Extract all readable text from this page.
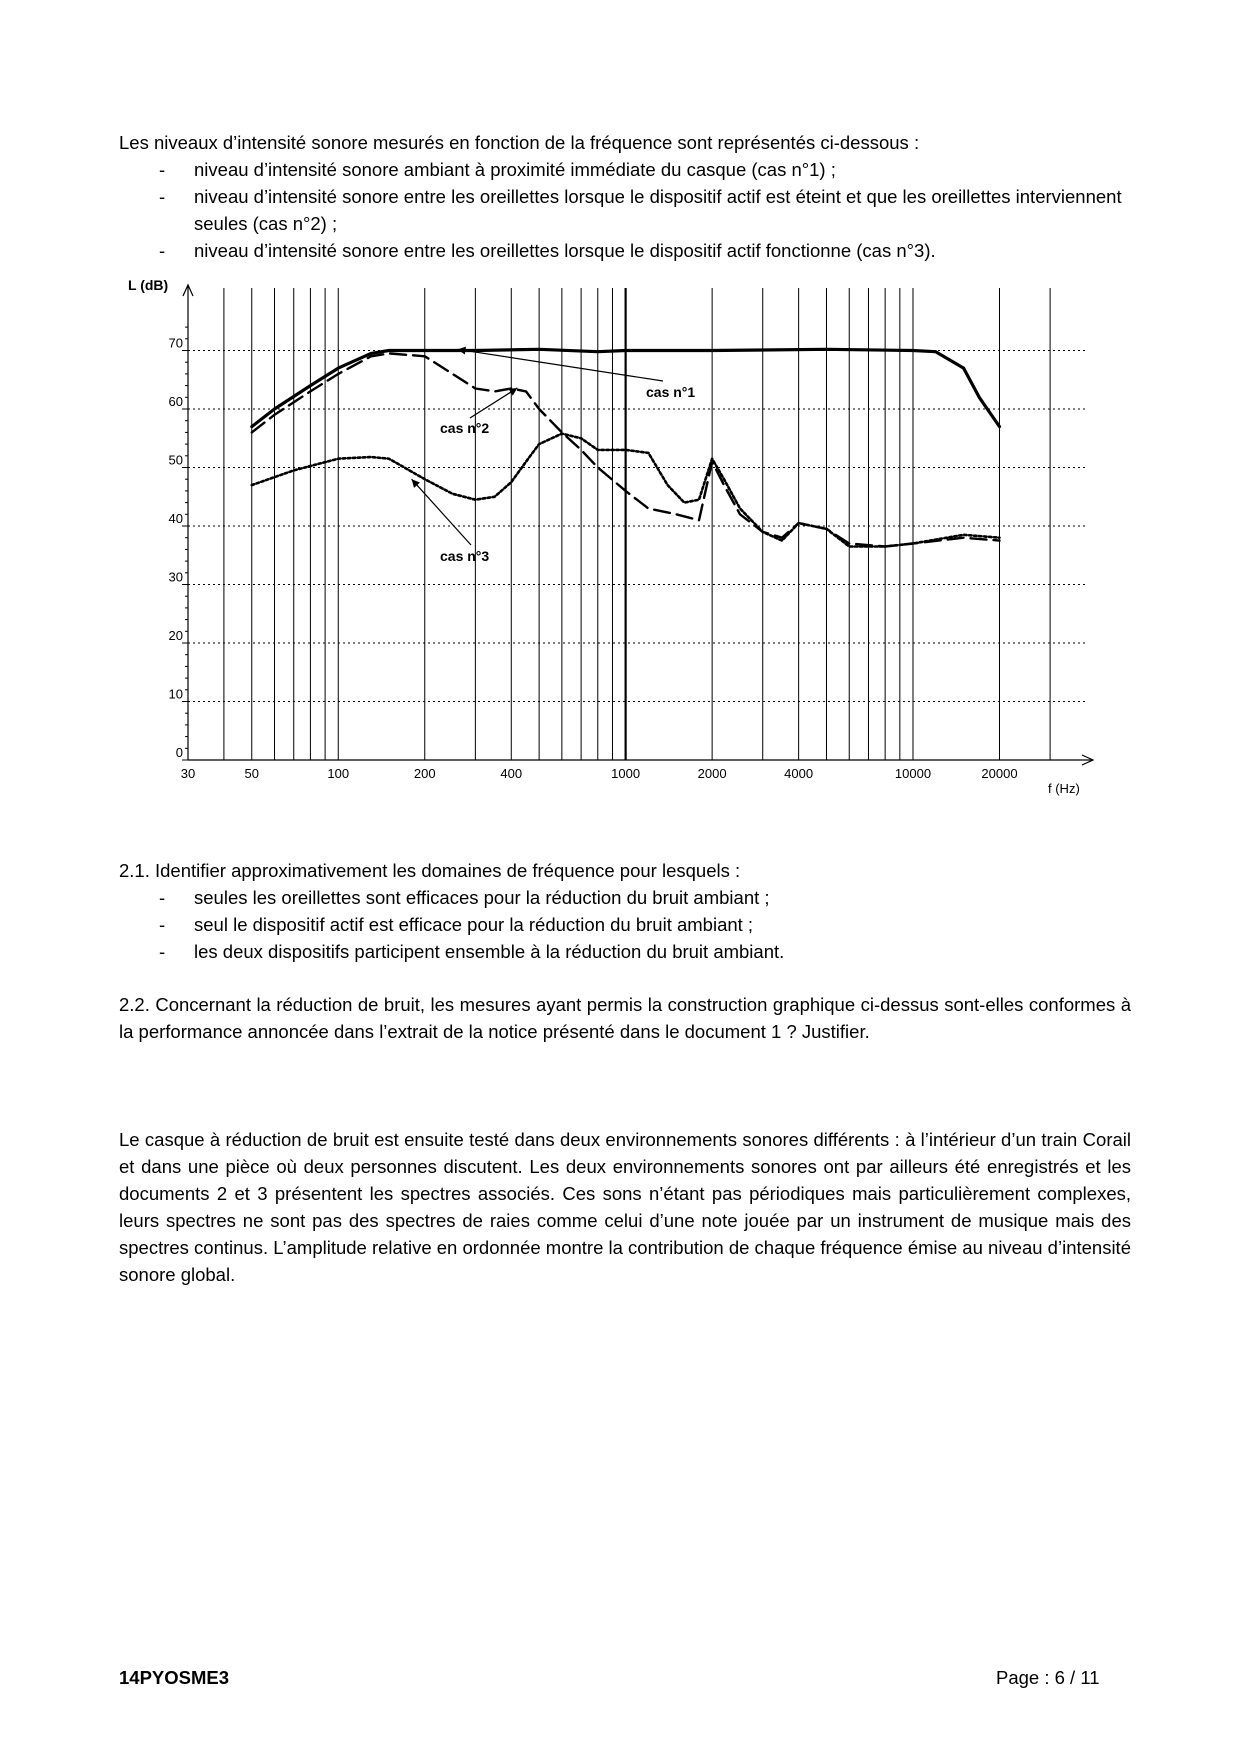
Les niveaux d’intensité sonore mesurés en fonction de la fréquence sont représentés ci-dessous :

- niveau d’intensité sonore ambiant à proximité immédiate du casque (cas n°1) ;
- niveau d’intensité sonore entre les oreillettes lorsque le dispositif actif est éteint et que les oreillettes interviennent seules (cas n°2) ;
- niveau d’intensité sonore entre les oreillettes lorsque le dispositif actif fonctionne (cas n°3).
0
10
20
30
40
50
60
70
30	50	100	200	400	1000	2000	4000	10000	20000
L (dB)
f (Hz)
cas n°1
cas n°2
cas n°3

2.1. Identifier approximativement les domaines de fréquence pour lesquels :

- seules les oreillettes sont efficaces pour la réduction du bruit ambiant ;
- seul le dispositif actif est efficace pour la réduction du bruit ambiant ;
- les deux dispositifs participent ensemble à la réduction du bruit ambiant.

2.2. Concernant la réduction de bruit, les mesures ayant permis la construction graphique ci-dessus sont-elles conformes à la performance annoncée dans l’extrait de la notice présenté dans le document 1 ? Justifier.

Le casque à réduction de bruit est ensuite testé dans deux environnements sonores différents : à l’intérieur d’un train Corail et dans une pièce où deux personnes discutent. Les deux environnements sonores ont par ailleurs été enregistrés et les documents 2 et 3 présentent les spectres associés. Ces sons n’étant pas périodiques mais particulièrement complexes, leurs spectres ne sont pas des spectres de raies comme celui d’une note jouée par un instrument de musique mais des spectres continus. L’amplitude relative en ordonnée montre la contribution de chaque fréquence émise au niveau d’intensité sonore global.

14PYOSME3	Page : 6 / 11
